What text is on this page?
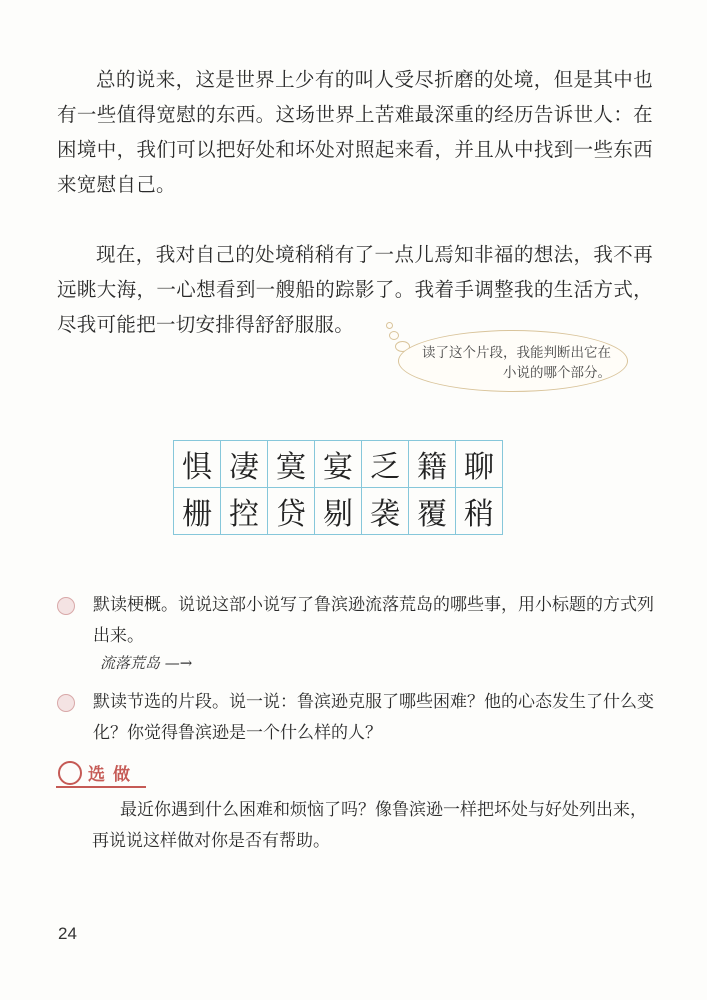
总的说来，这是世界上少有的叫人受尽折磨的处境，但是其中也有一些值得宽慰的东西。这场世界上苦难最深重的经历告诉世人：在困境中，我们可以把好处和坏处对照起来看，并且从中找到一些东西来宽慰自己。
现在，我对自己的处境稍稍有了一点儿焉知非福的想法，我不再远眺大海，一心想看到一艘船的踪影了。我着手调整我的生活方式，尽我可能把一切安排得舒舒服服。
读了这个片段，我能判断出它在小说的哪个部分。
惧	凄	寞	宴	乏	籍	聊
栅	控	贷	剔	袭	覆	稍
默读梗概。说说这部小说写了鲁滨逊流落荒岛的哪些事，用小标题的方式列出来。
流落荒岛 —→
默读节选的片段。说一说：鲁滨逊克服了哪些困难？他的心态发生了什么变化？你觉得鲁滨逊是一个什么样的人？
选做
最近你遇到什么困难和烦恼了吗？像鲁滨逊一样把坏处与好处列出来，再说说这样做对你是否有帮助。
24
